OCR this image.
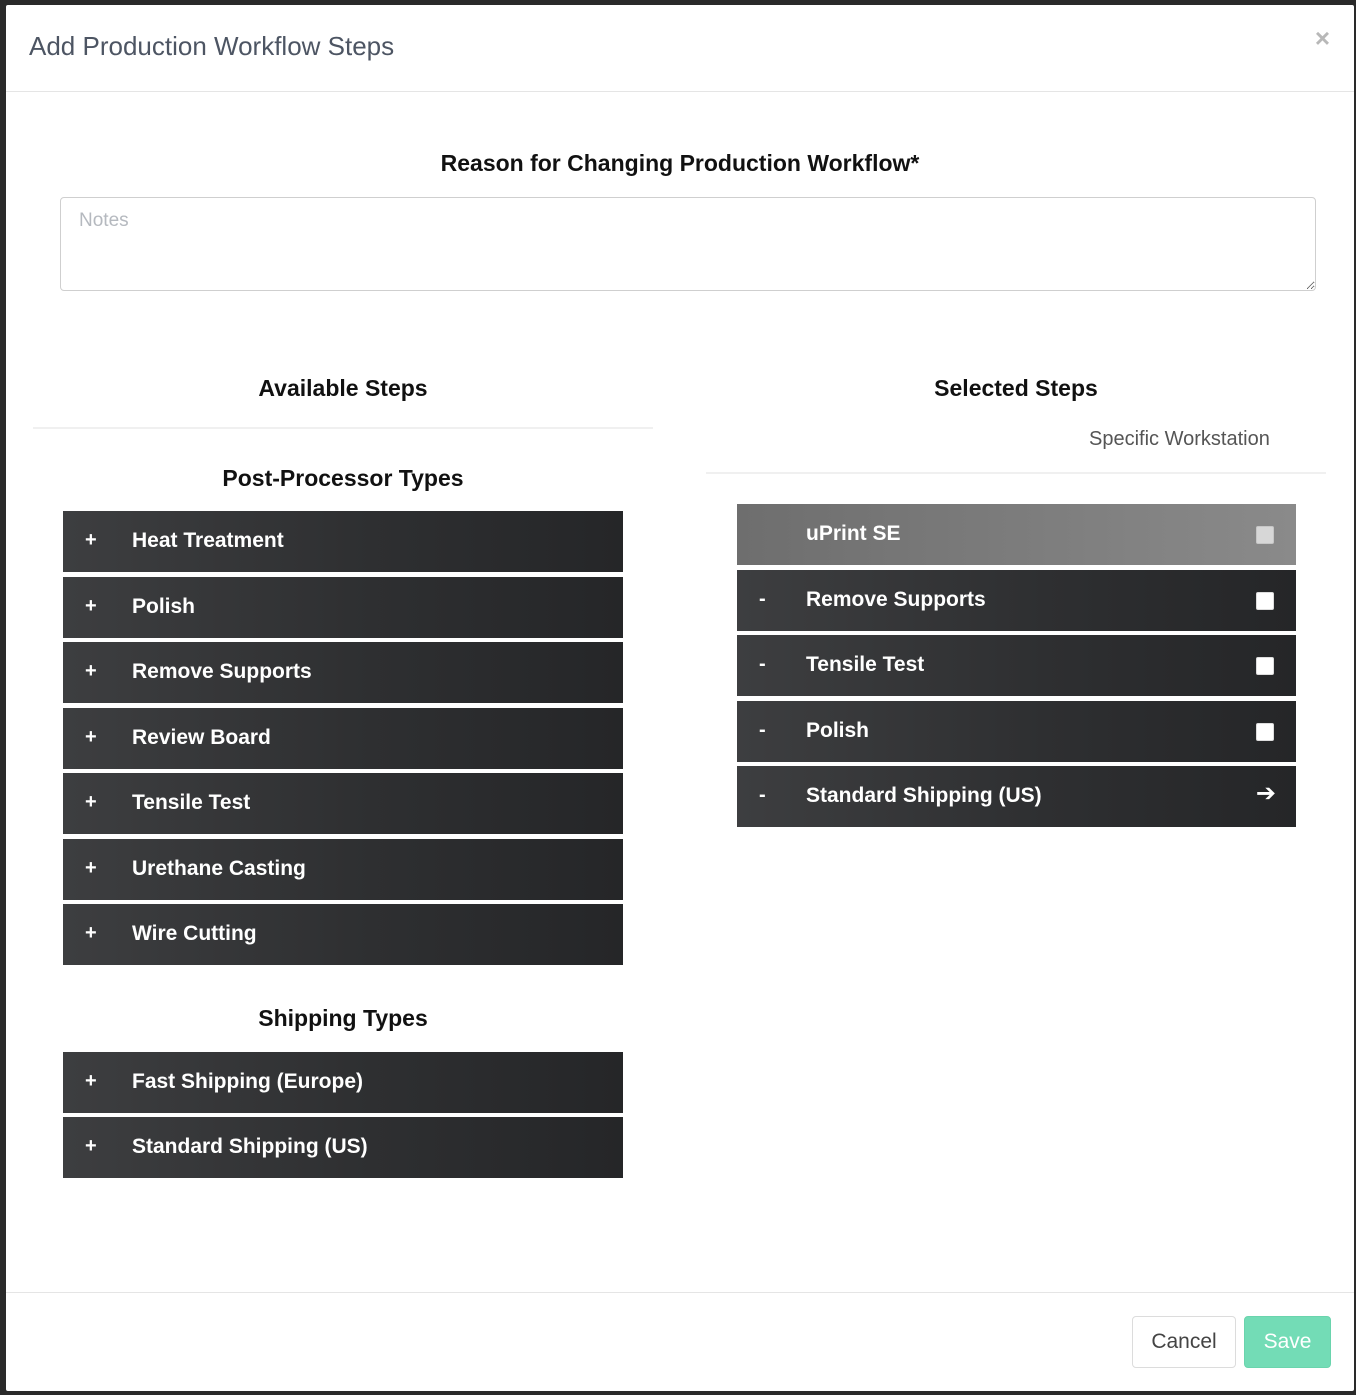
Add Production Workflow Steps	×
Reason for Changing Production Workflow*
Notes
Available Steps	Selected Steps
Post-Processor Types
+ Heat Treatment
+ Polish
+ Remove Supports
+ Review Board
+ Tensile Test
+ Urethane Casting
+ Wire Cutting
Shipping Types
+ Fast Shipping (Europe)
+ Standard Shipping (US)
Specific Workstation
uPrint SE
- Remove Supports
- Tensile Test
- Polish
- Standard Shipping (US)	➔
Cancel	Save
